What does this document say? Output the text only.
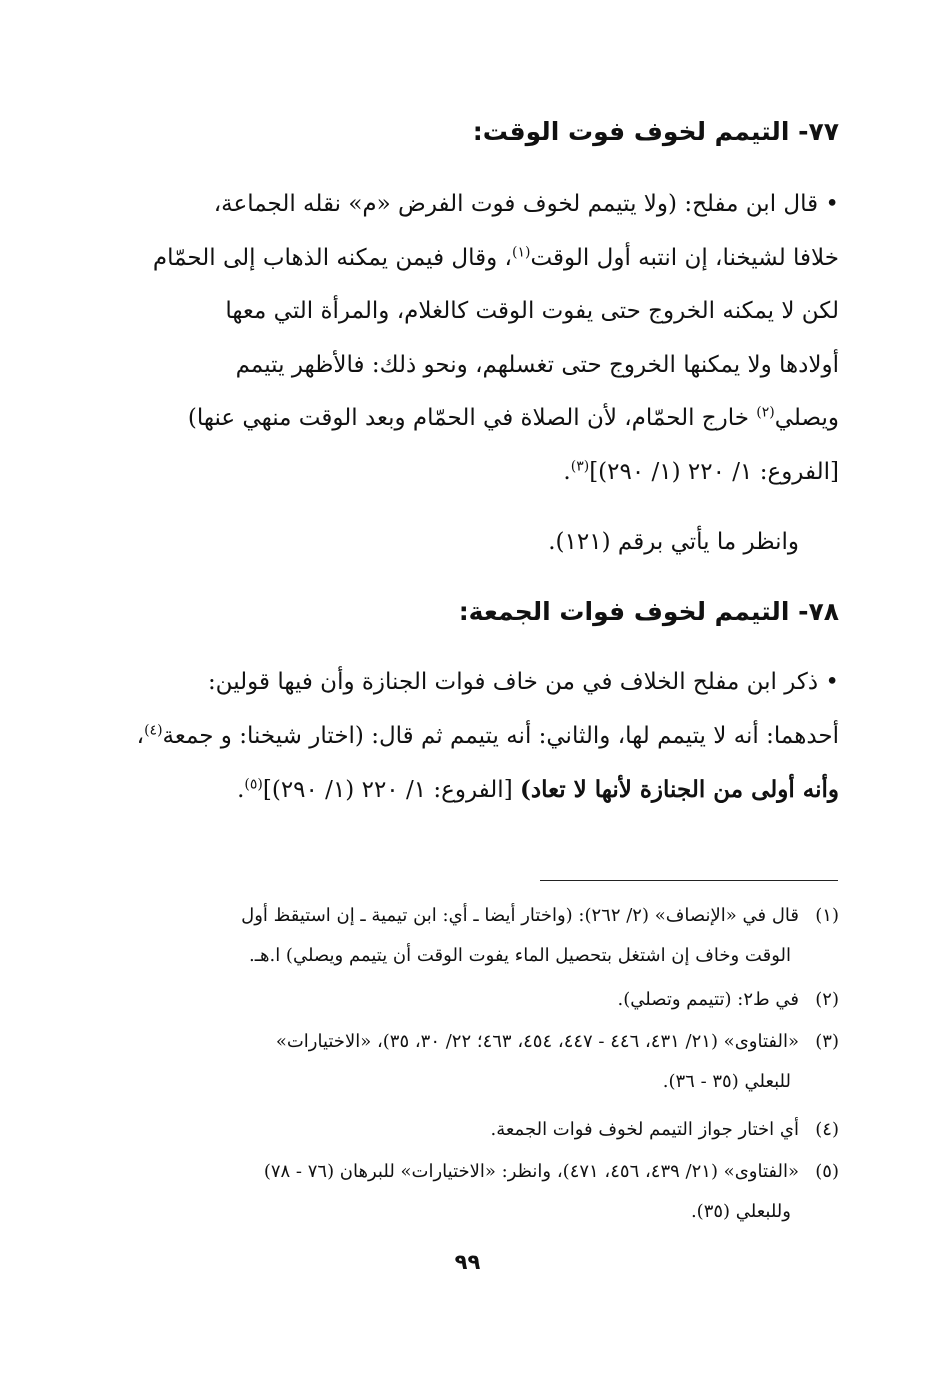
٧٧- التيمم لخوف فوت الوقت:
• قال ابن مفلح: (ولا يتيمم لخوف فوت الفرض «م» نقله الجماعة،
خلافا لشيخنا، إن انتبه أول الوقت$^{(١)}$، وقال فيمن يمكنه الذهاب إلى الحمّام
لكن لا يمكنه الخروج حتى يفوت الوقت كالغلام، والمرأة التي معها
أولادها ولا يمكنها الخروج حتى تغسلهم، ونحو ذلك: فالأظهر يتيمم
ويصلي$^{(٢)}$ خارج الحمّام، لأن الصلاة في الحمّام وبعد الوقت منهي عنها)
[الفروع: ١/ ٢٢٠ (١/ ٢٩٠)]$^{(٣)}$.
وانظر ما يأتي برقم (١٢١).
٧٨- التيمم لخوف فوات الجمعة:
• ذكر ابن مفلح الخلاف في من خاف فوات الجنازة وأن فيها قولين:
أحدهما: أنه لا يتيمم لها، والثاني: أنه يتيمم ثم قال: (اختار شيخنا: و جمعة$^{(٤)}$،
وأنه أولى من الجنازة لأنها لا تعاد) [الفروع: ١/ ٢٢٠ (١/ ٢٩٠)]$^{(٥)}$.
(١)قال في «الإنصاف» (٢/ ٢٦٢): (واختار أيضا ـ أي: ابن تيمية ـ إن استيقظ أول
الوقت وخاف إن اشتغل بتحصيل الماء يفوت الوقت أن يتيمم ويصلي) ا.هـ.
(٢)في ط٢: (تتيمم وتصلي).
(٣)«الفتاوى» (٢١/ ٤٣١، ٤٤٦ - ٤٤٧، ٤٥٤، ٤٦٣؛ ٢٢/ ٣٠، ٣٥)، «الاختيارات»
للبعلي (٣٥ - ٣٦).
(٤)أي اختار جواز التيمم لخوف فوات الجمعة.
(٥)«الفتاوى» (٢١/ ٤٣٩، ٤٥٦، ٤٧١)، وانظر: «الاختيارات» للبرهان (٧٦ - ٧٨)
وللبعلي (٣٥).
٩٩
